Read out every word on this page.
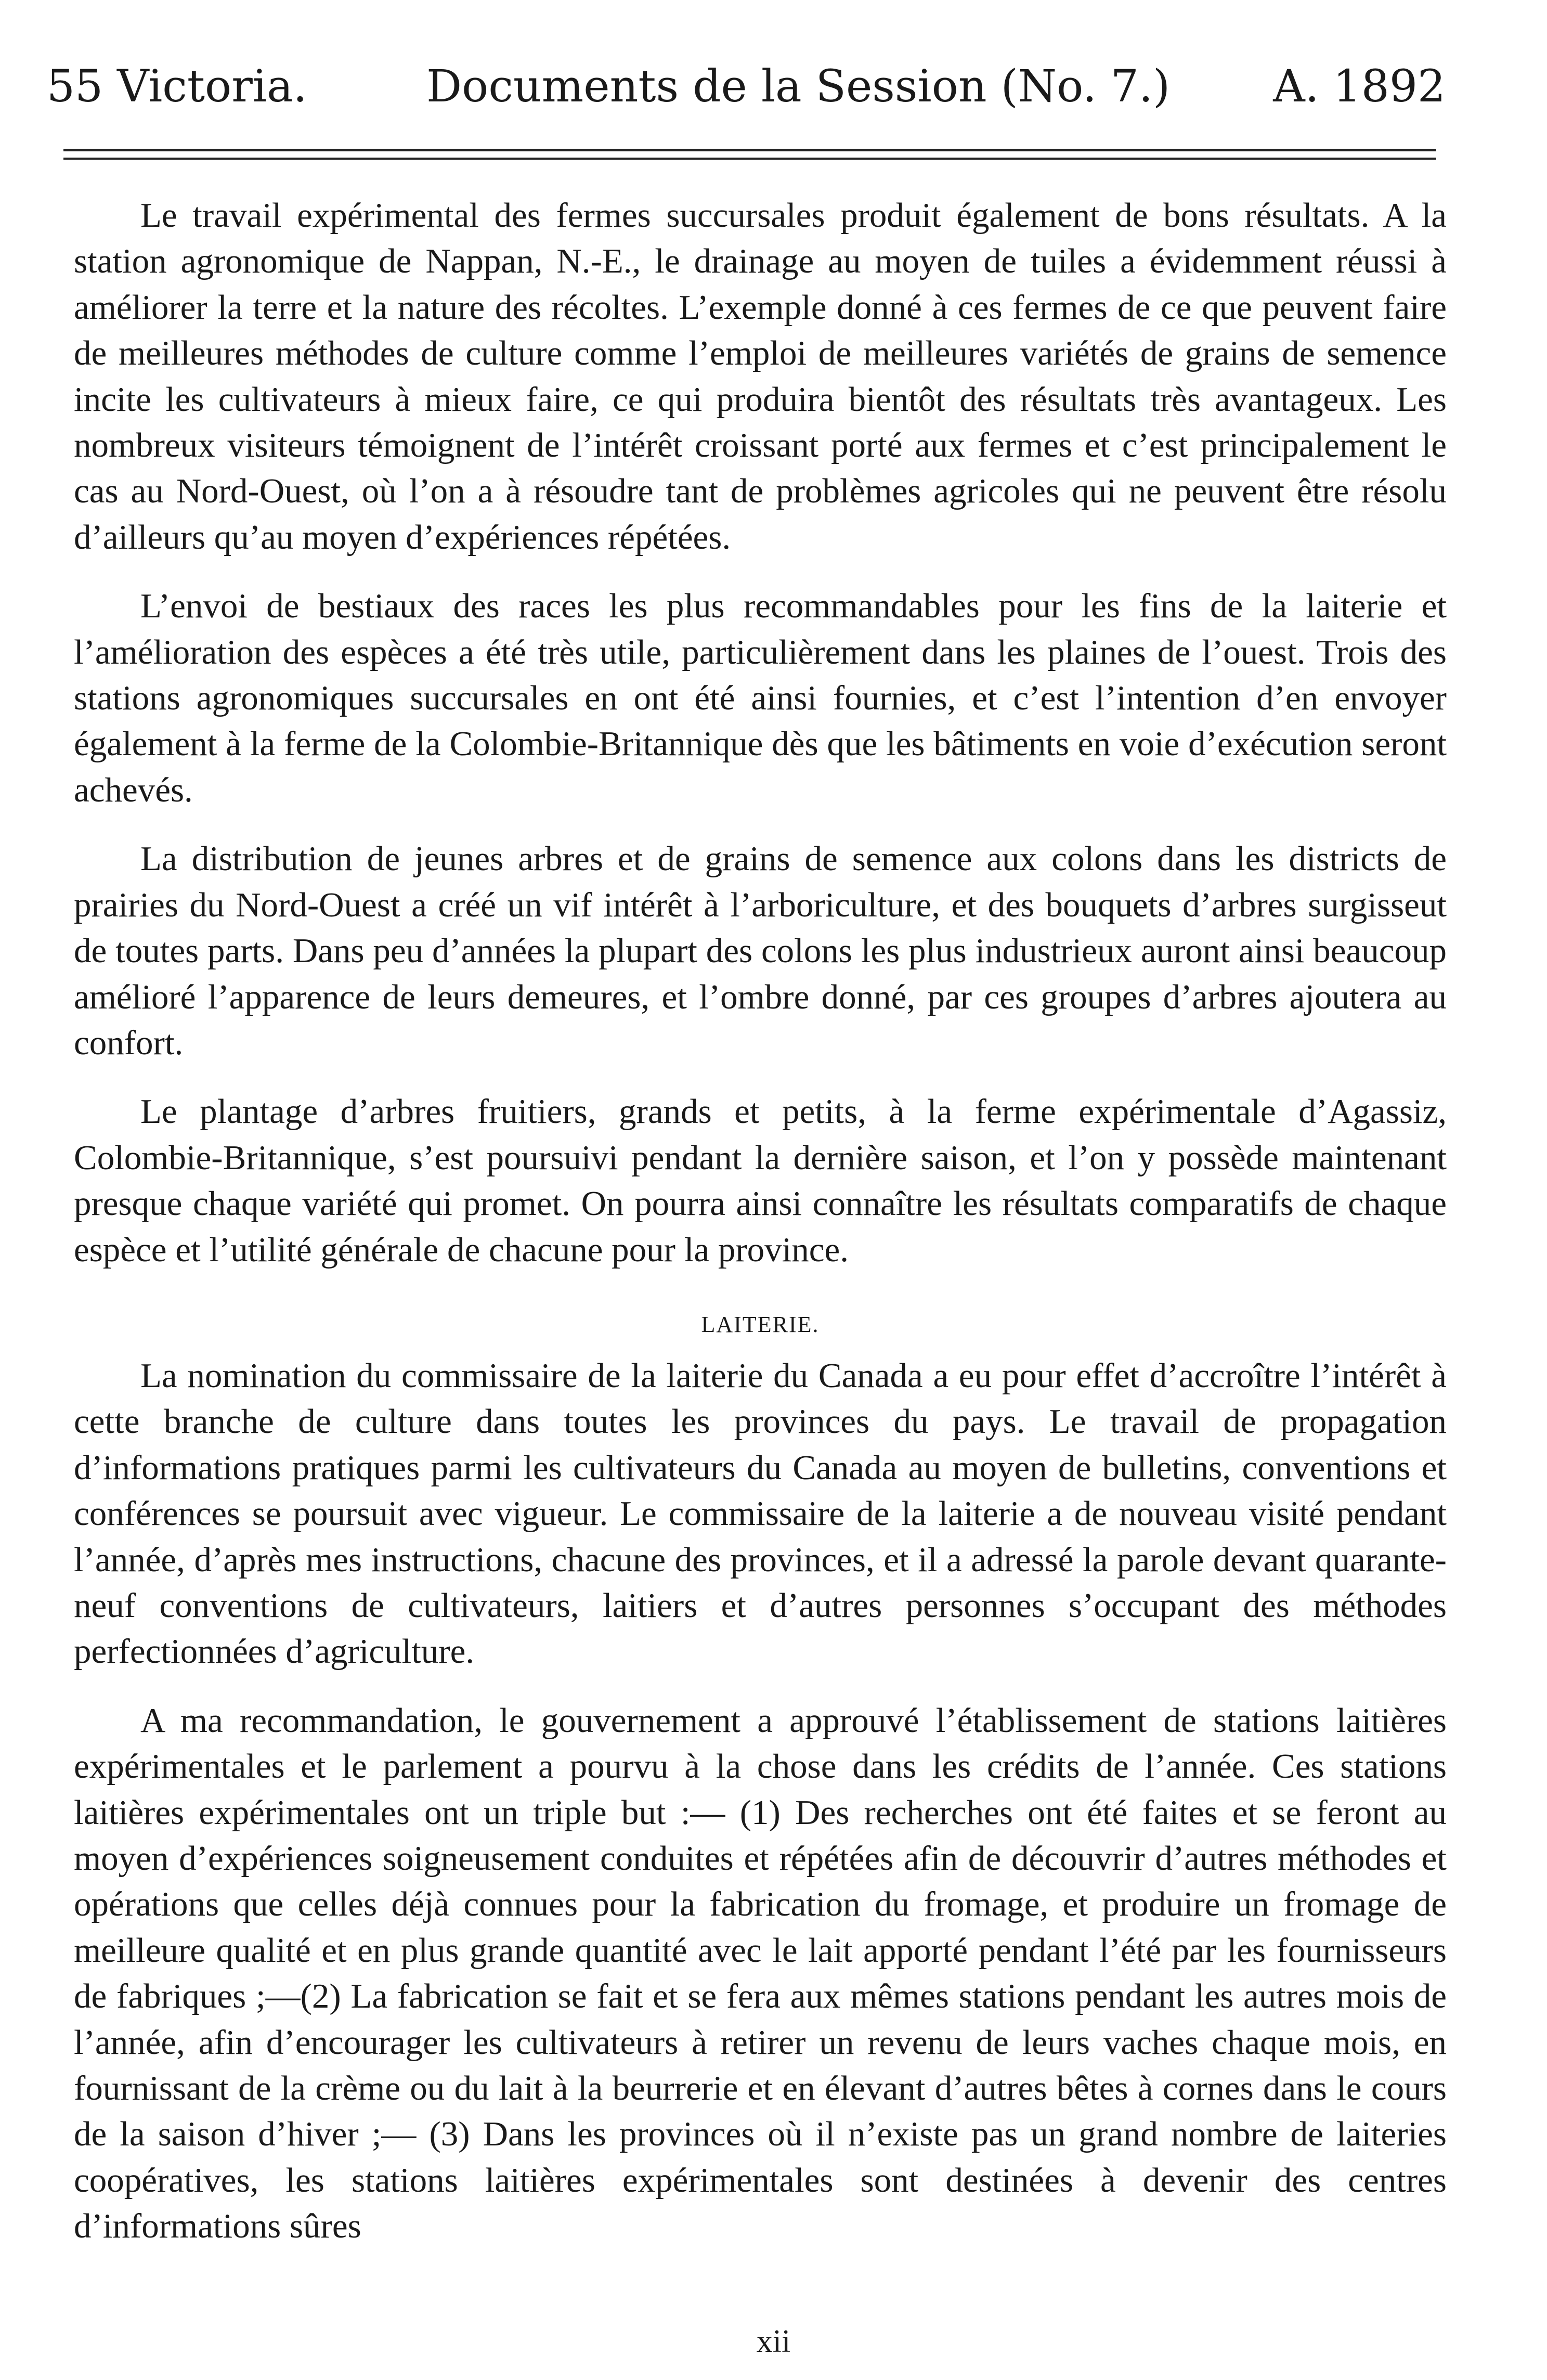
55 Victoria.	Documents de la Session (No. 7.) A. 1892

Le travail expérimental des fermes succursales produit également de bons résultats. A la station agronomique de Nappan, N.-E., le drainage au moyen de tuiles a évidemment réussi à améliorer la terre et la nature des récoltes. L’exemple donné à ces fermes de ce que peuvent faire de meilleures méthodes de culture comme l’emploi de meilleures variétés de grains de semence incite les cultivateurs à mieux faire, ce qui produira bientôt des résultats très avantageux. Les nombreux visiteurs témoignent de l’intérêt croissant porté aux fermes et c’est principalement le cas au Nord-Ouest, où l’on a à résoudre tant de problèmes agricoles qui ne peuvent être résolu d’ailleurs qu’au moyen d’expériences répétées.

L’envoi de bestiaux des races les plus recommandables pour les fins de la laiterie et l’amélioration des espèces a été très utile, particulièrement dans les plaines de l’ouest. Trois des stations agronomiques succursales en ont été ainsi fournies, et c’est l’intention d’en envoyer également à la ferme de la Colombie-Britannique dès que les bâtiments en voie d’exécution seront achevés.

La distribution de jeunes arbres et de grains de semence aux colons dans les districts de prairies du Nord-Ouest a créé un vif intérêt à l’arboriculture, et des bouquets d’arbres surgisseut de toutes parts. Dans peu d’années la plupart des colons les plus industrieux auront ainsi beaucoup amélioré l’apparence de leurs demeures, et l’ombre donné, par ces groupes d’arbres ajoutera au confort.

Le plantage d’arbres fruitiers, grands et petits, à la ferme expérimentale d’Agassiz, Colombie-Britannique, s’est poursuivi pendant la dernière saison, et l’on y possède maintenant presque chaque variété qui promet. On pourra ainsi connaître les résultats comparatifs de chaque espèce et l’utilité générale de chacune pour la province.

LAITERIE.

La nomination du commissaire de la laiterie du Canada a eu pour effet d’accroître l’intérêt à cette branche de culture dans toutes les provinces du pays. Le travail de propagation d’informations pratiques parmi les cultivateurs du Canada au moyen de bulletins, conventions et conférences se poursuit avec vigueur. Le commissaire de la laiterie a de nouveau visité pendant l’année, d’après mes instructions, chacune des provinces, et il a adressé la parole devant quarante-neuf conventions de cultivateurs, laitiers et d’autres personnes s’occupant des méthodes perfectionnées d’agriculture.

A ma recommandation, le gouvernement a approuvé l’établissement de stations laitières expérimentales et le parlement a pourvu à la chose dans les crédits de l’année. Ces stations laitières expérimentales ont un triple but :— (1) Des recherches ont été faites et se feront au moyen d’expériences soigneusement conduites et répétées afin de découvrir d’autres méthodes et opérations que celles déjà connues pour la fabrication du fromage, et produire un fromage de meilleure qualité et en plus grande quantité avec le lait apporté pendant l’été par les fournisseurs de fabriques ;—(2) La fabrication se fait et se fera aux mêmes stations pendant les autres mois de l’année, afin d’encourager les cultivateurs à retirer un revenu de leurs vaches chaque mois, en fournissant de la crème ou du lait à la beurrerie et en élevant d’autres bêtes à cornes dans le cours de la saison d’hiver ;— (3) Dans les provinces où il n’existe pas un grand nombre de laiteries coopératives, les stations laitières expérimentales sont destinées à devenir des centres d’informations sûres

xii
